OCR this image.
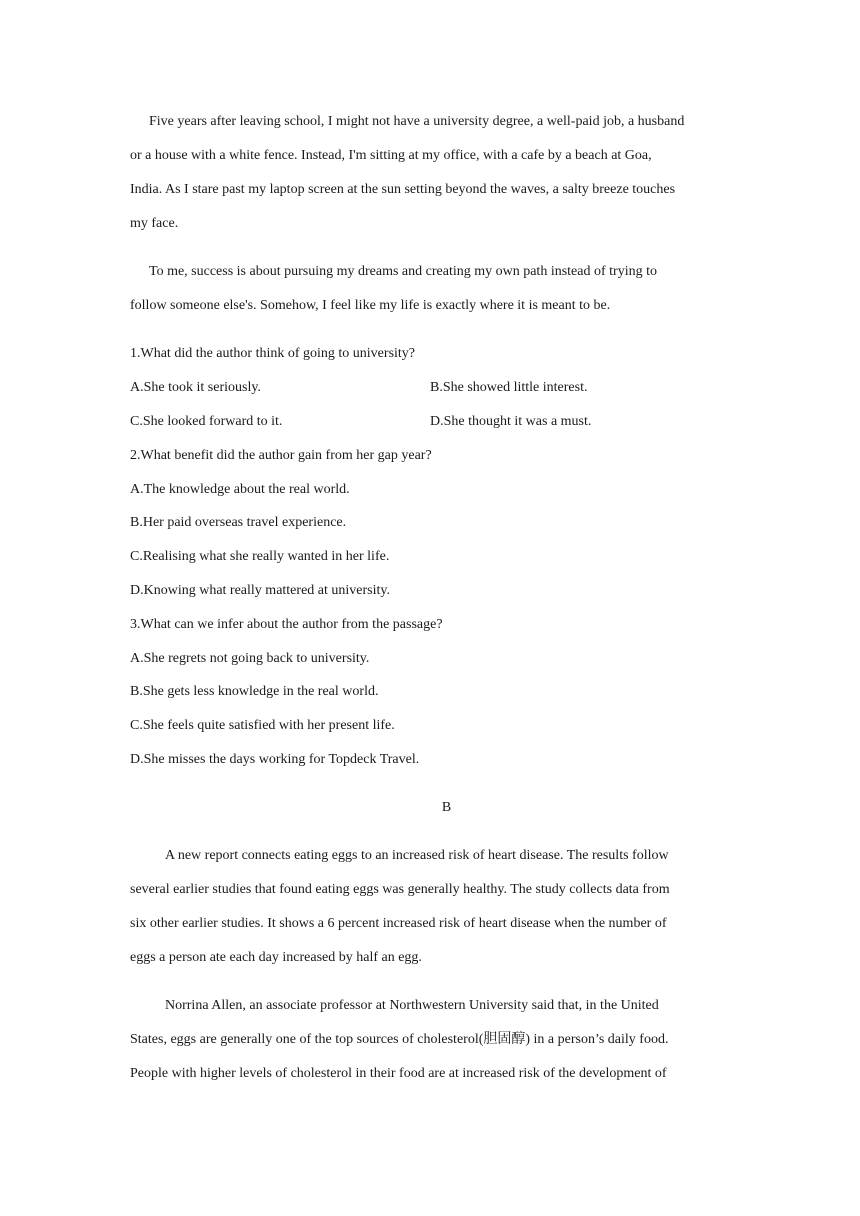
Five years after leaving school, I might not have a university degree, a well-paid job, a husband
or a house with a white fence. Instead, I'm sitting at my office, with a cafe by a beach at Goa,
India. As I stare past my laptop screen at the sun setting beyond the waves, a salty breeze touches
my face.
To me, success is about pursuing my dreams and creating my own path instead of trying to
follow someone else's. Somehow, I feel like my life is exactly where it is meant to be.
1.What did the author think of going to university?
A.She took it seriously.	B.She showed little interest.
C.She looked forward to it.	D.She thought it was a must.
2.What benefit did the author gain from her gap year?
A.The knowledge about the real world.
B.Her paid overseas travel experience.
C.Realising what she really wanted in her life.
D.Knowing what really mattered at university.
3.What can we infer about the author from the passage?
A.She regrets not going back to university.
B.She gets less knowledge in the real world.
C.She feels quite satisfied with her present life.
D.She misses the days working for Topdeck Travel.
B
A new report connects eating eggs to an increased risk of heart disease. The results follow
several earlier studies that found eating eggs was generally healthy. The study collects data from
six other earlier studies. It shows a 6 percent increased risk of heart disease when the number of
eggs a person ate each day increased by half an egg.
Norrina Allen, an associate professor at Northwestern University said that, in the United
States, eggs are generally one of the top sources of cholesterol(胆固醇) in a person’s daily food.
People with higher levels of cholesterol in their food are at increased risk of the development of
